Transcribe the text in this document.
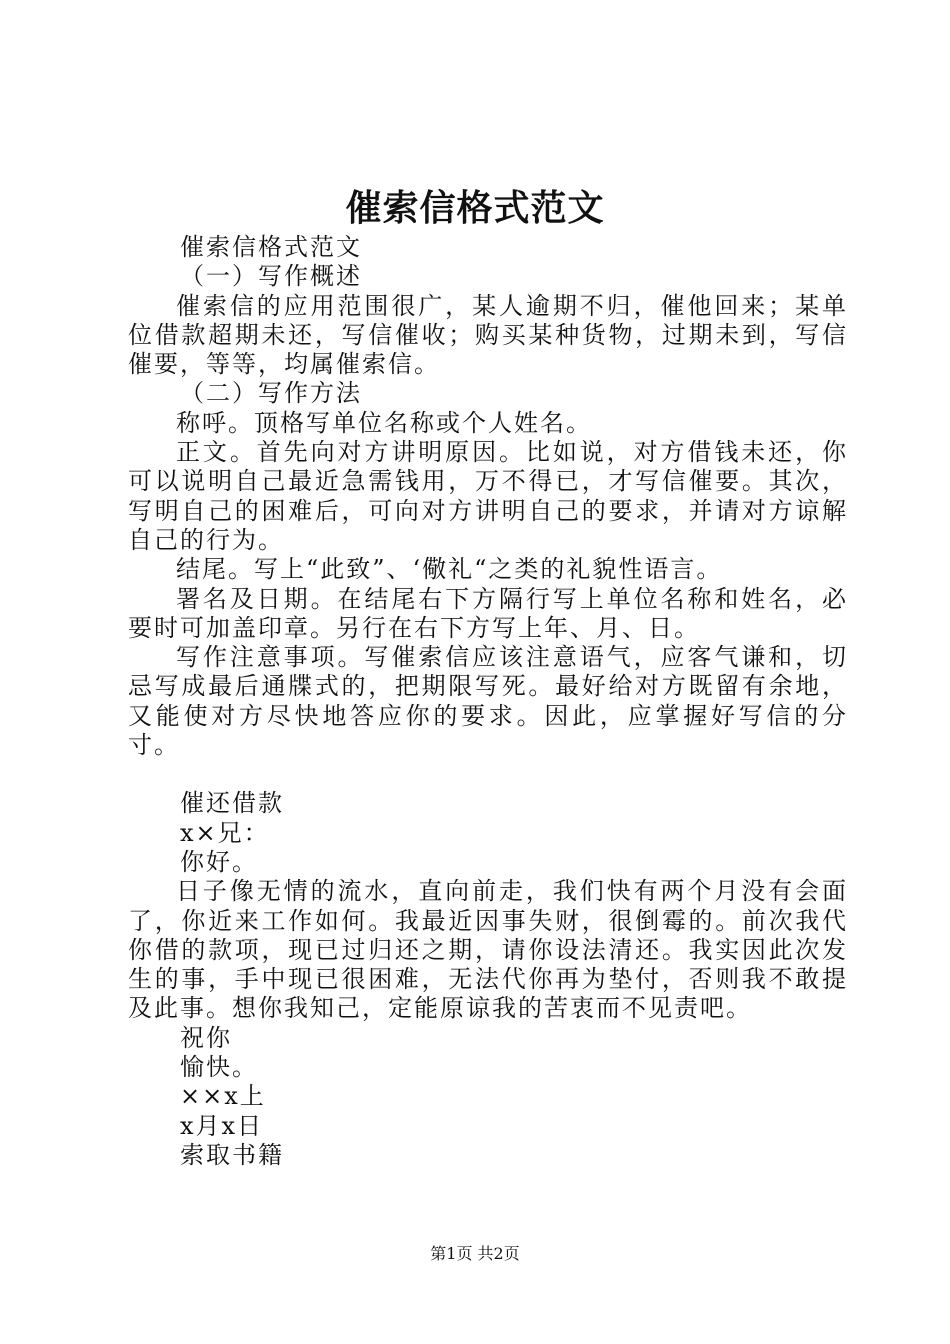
催索信格式范文

催索信格式范文

（一）写作概述

催索信的应用范围很广，某人逾期不归，催他回来；某单位借款超期未还，写信催收；购买某种货物，过期未到，写信催要，等等，均属催索信。

（二）写作方法

称呼。顶格写单位名称或个人姓名。

正文。首先向对方讲明原因。比如说，对方借钱未还，你可以说明自己最近急需钱用，万不得已，才写信催要。其次，写明自己的困难后，可向对方讲明自己的要求，并请对方谅解自己的行为。

结尾。写上“此致”、‘儆礼“之类的礼貌性语言。

署名及日期。在结尾右下方隔行写上单位名称和姓名，必要时可加盖印章。另行在右下方写上年、月、日。

写作注意事项。写催索信应该注意语气，应客气谦和，切忌写成最后通牒式的，把期限写死。最好给对方既留有余地，又能使对方尽快地答应你的要求。因此，应掌握好写信的分寸。

催还借款

x×兄：

你好。

日子像无情的流水，直向前走，我们快有两个月没有会面了，你近来工作如何。我最近因事失财，很倒霉的。前次我代你借的款项，现已过归还之期，请你设法清还。我实因此次发生的事，手中现已很困难，无法代你再为垫付，否则我不敢提及此事。想你我知己，定能原谅我的苦衷而不见责吧。

祝你

愉快。

××x上

x月x日

索取书籍

第1页 共2页
